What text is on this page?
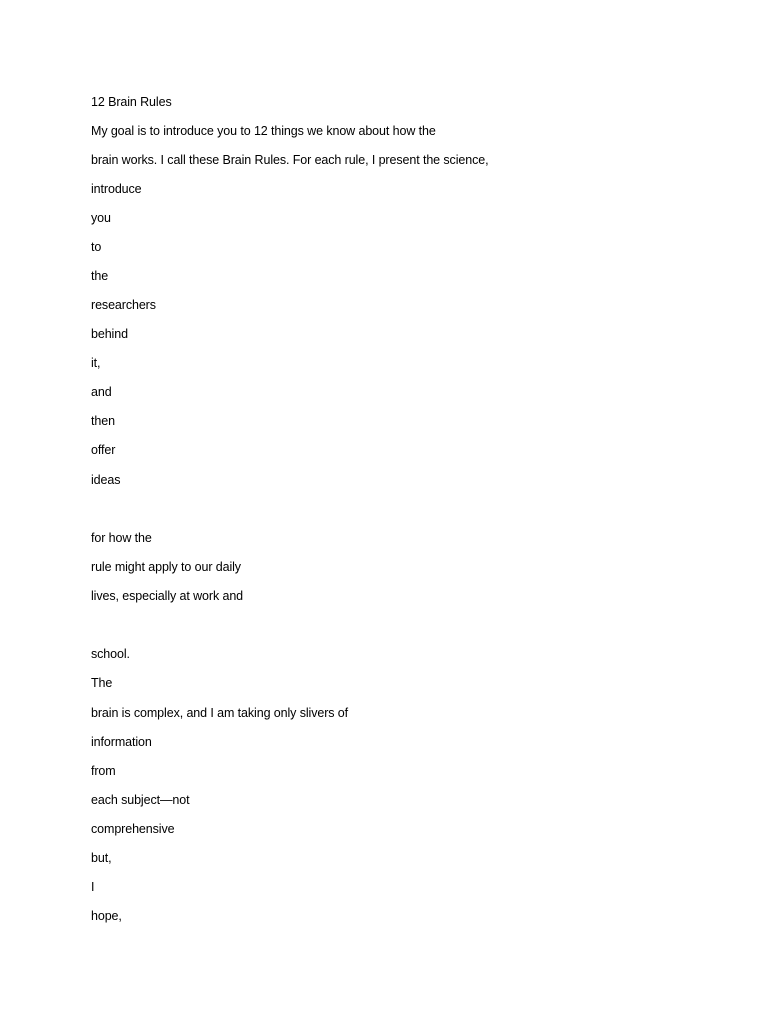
12 Brain Rules
My goal is to introduce you to 12 things we know about how the
brain works. I call these Brain Rules. For each rule, I present the science,
introduce
you
to
the
researchers
behind
it,
and
then
offer
ideas
for how the
rule might apply to our daily
lives, especially at work and
school.
The
brain is complex, and I am taking only slivers of
information
from
each subject—not
comprehensive
but,
I
hope,
